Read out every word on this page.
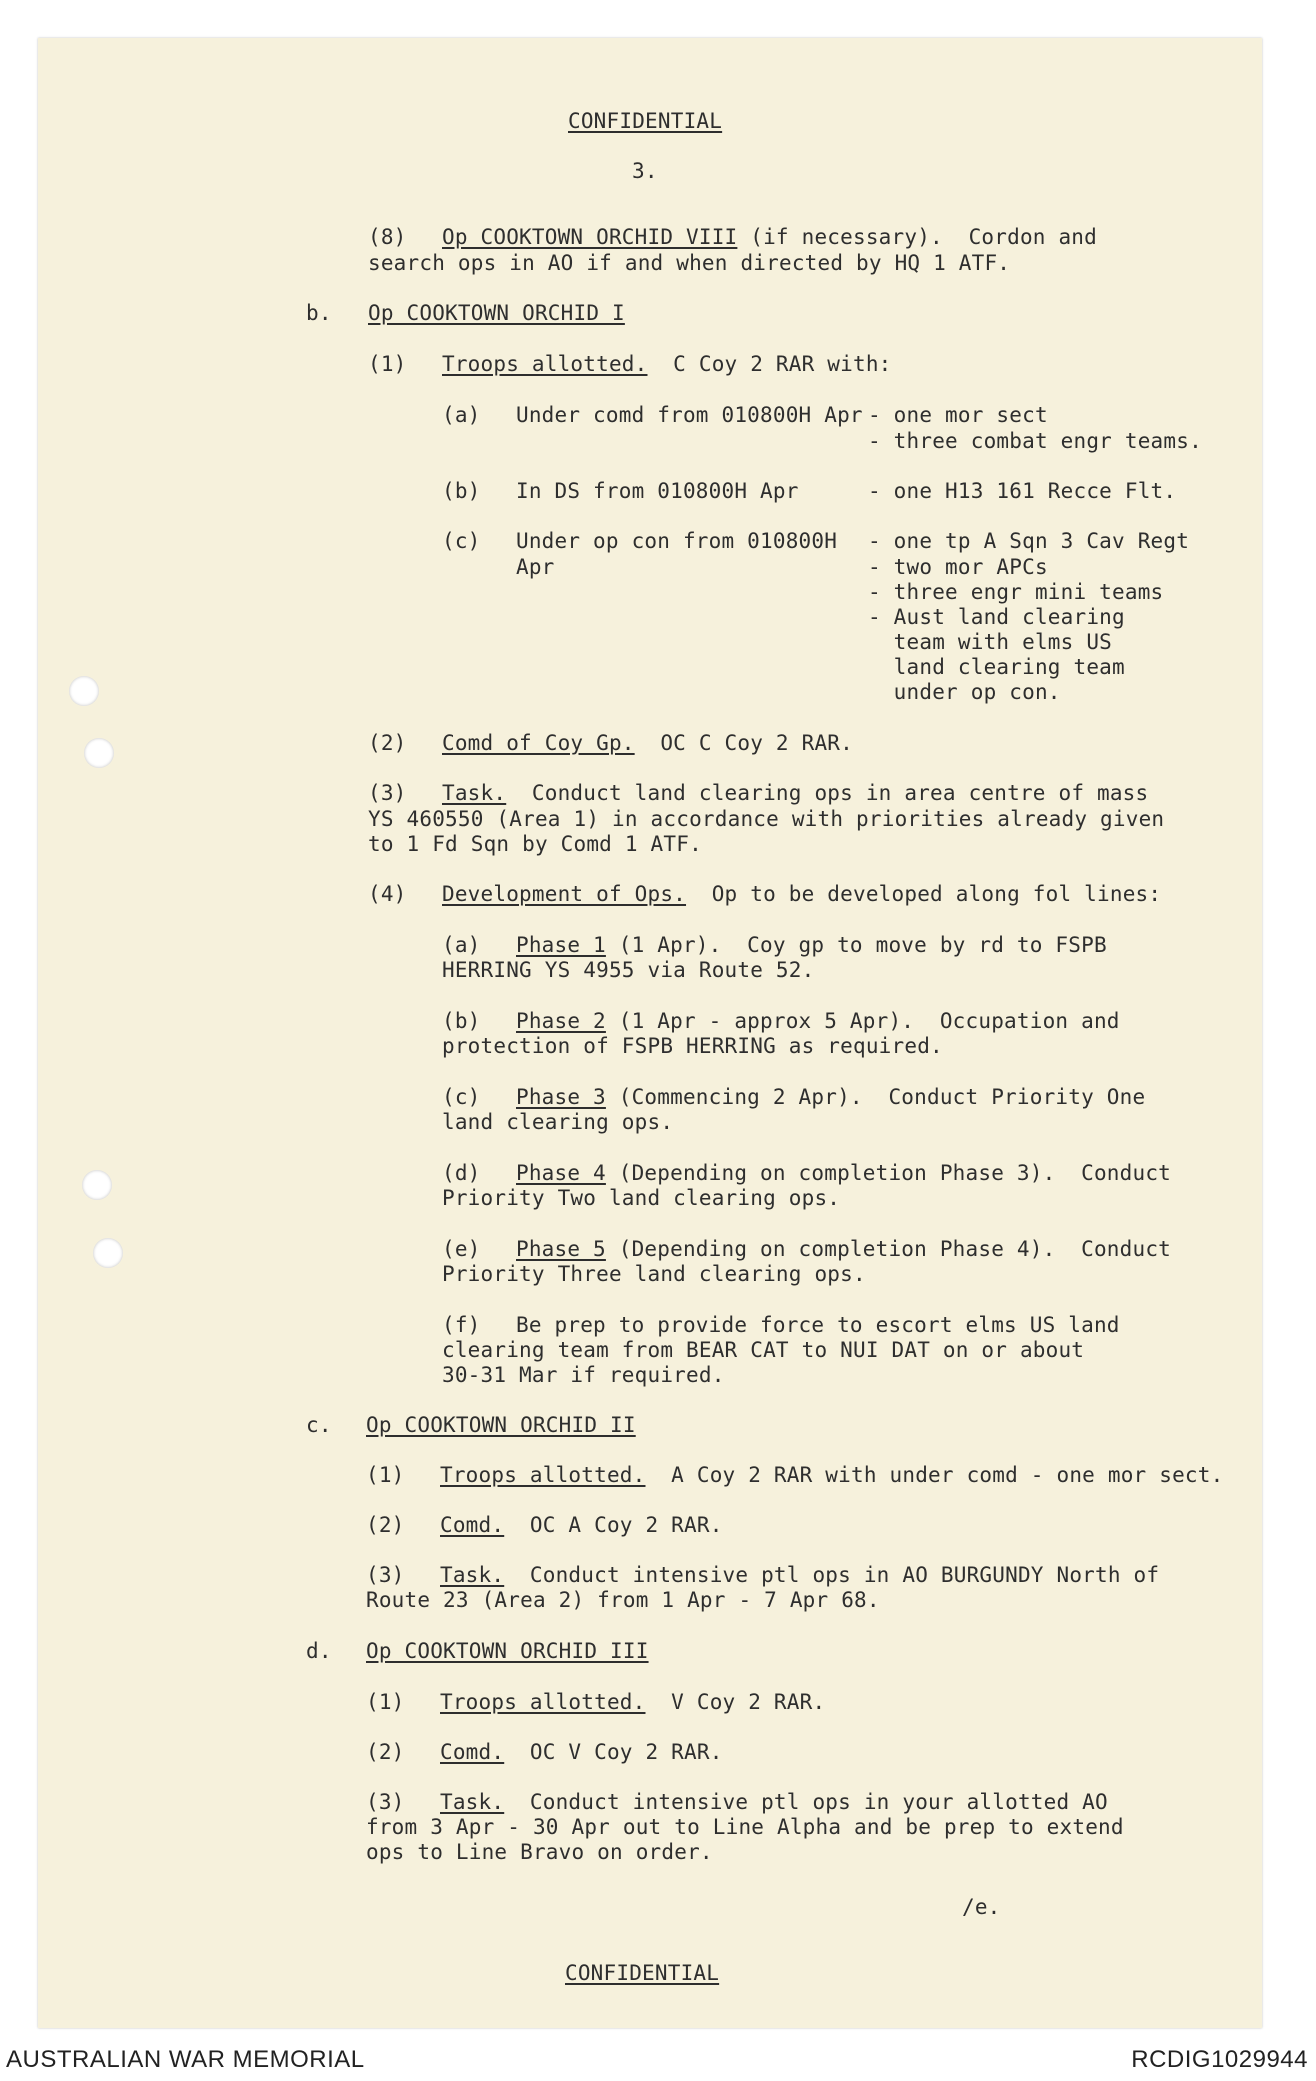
CONFIDENTIAL
3.
(8) Op COOKTOWN ORCHID VIII (if necessary).  Cordon and
search ops in AO if and when directed by HQ 1 ATF.
b. Op COOKTOWN ORCHID I
(1) Troops allotted.  C Coy 2 RAR with:
(a) Under comd from 010800H Apr - one mor sect
- three combat engr teams.
(b) In DS from 010800H Apr	- one H13 161 Recce Flt.
(c) Under op con from 010800H
Apr
- one tp A Sqn 3 Cav Regt
- two mor APCs
- three engr mini teams
- Aust land clearing
team with elms US
land clearing team
under op con.
(2) Comd of Coy Gp.  OC C Coy 2 RAR.
(3) Task.  Conduct land clearing ops in area centre of mass
YS 460550 (Area 1) in accordance with priorities already given
to 1 Fd Sqn by Comd 1 ATF.
(4) Development of Ops.  Op to be developed along fol lines:
(a) Phase 1 (1 Apr).  Coy gp to move by rd to FSPB
HERRING YS 4955 via Route 52.
(b) Phase 2 (1 Apr - approx 5 Apr).  Occupation and
protection of FSPB HERRING as required.
(c) Phase 3 (Commencing 2 Apr).  Conduct Priority One
land clearing ops.
(d) Phase 4 (Depending on completion Phase 3).  Conduct
Priority Two land clearing ops.
(e) Phase 5 (Depending on completion Phase 4).  Conduct
Priority Three land clearing ops.
(f) Be prep to provide force to escort elms US land
clearing team from BEAR CAT to NUI DAT on or about
30-31 Mar if required.
c. Op COOKTOWN ORCHID II
(1) Troops allotted.  A Coy 2 RAR with under comd - one mor sect.
(2) Comd.  OC A Coy 2 RAR.
(3) Task.  Conduct intensive ptl ops in AO BURGUNDY North of
Route 23 (Area 2) from 1 Apr - 7 Apr 68.
d. Op COOKTOWN ORCHID III
(1) Troops allotted.  V Coy 2 RAR.
(2) Comd.  OC V Coy 2 RAR.
(3) Task.  Conduct intensive ptl ops in your allotted AO
from 3 Apr - 30 Apr out to Line Alpha and be prep to extend
ops to Line Bravo on order.
/e.
CONFIDENTIAL
AUSTRALIAN WAR MEMORIAL	RCDIG1029944
